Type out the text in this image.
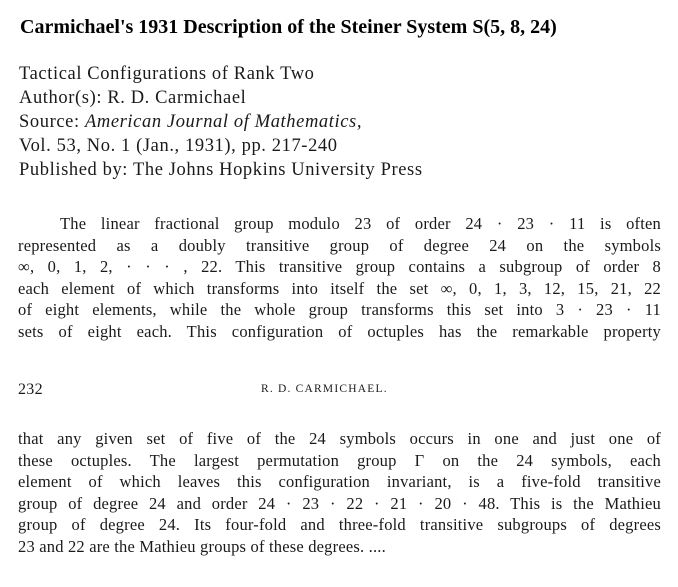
Carmichael's 1931 Description of the Steiner System S(5, 8, 24)
Tactical Configurations of Rank Two
Author(s): R. D. Carmichael
Source: American Journal of Mathematics,
Vol. 53, No. 1 (Jan., 1931), pp. 217-240
Published by: The Johns Hopkins University Press
The linear fractional group modulo 23 of order 24 · 23 · 11 is often
represented as a doubly transitive group of degree 24 on the symbols
∞, 0, 1, 2, · · · , 22. This transitive group contains a subgroup of order 8
each element of which transforms into itself the set ∞, 0, 1, 3, 12, 15, 21, 22
of eight elements, while the whole group transforms this set into 3 · 23 · 11
sets of eight each. This configuration of octuples has the remarkable property
232	R. D. CARMICHAEL.
that any given set of five of the 24 symbols occurs in one and just one of
these octuples. The largest permutation group Γ on the 24 symbols, each
element of which leaves this configuration invariant, is a five-fold transitive
group of degree 24 and order 24 · 23 · 22 · 21 · 20 · 48. This is the Mathieu
group of degree 24. Its four-fold and three-fold transitive subgroups of degrees
23 and 22 are the Mathieu groups of these degrees. ....
